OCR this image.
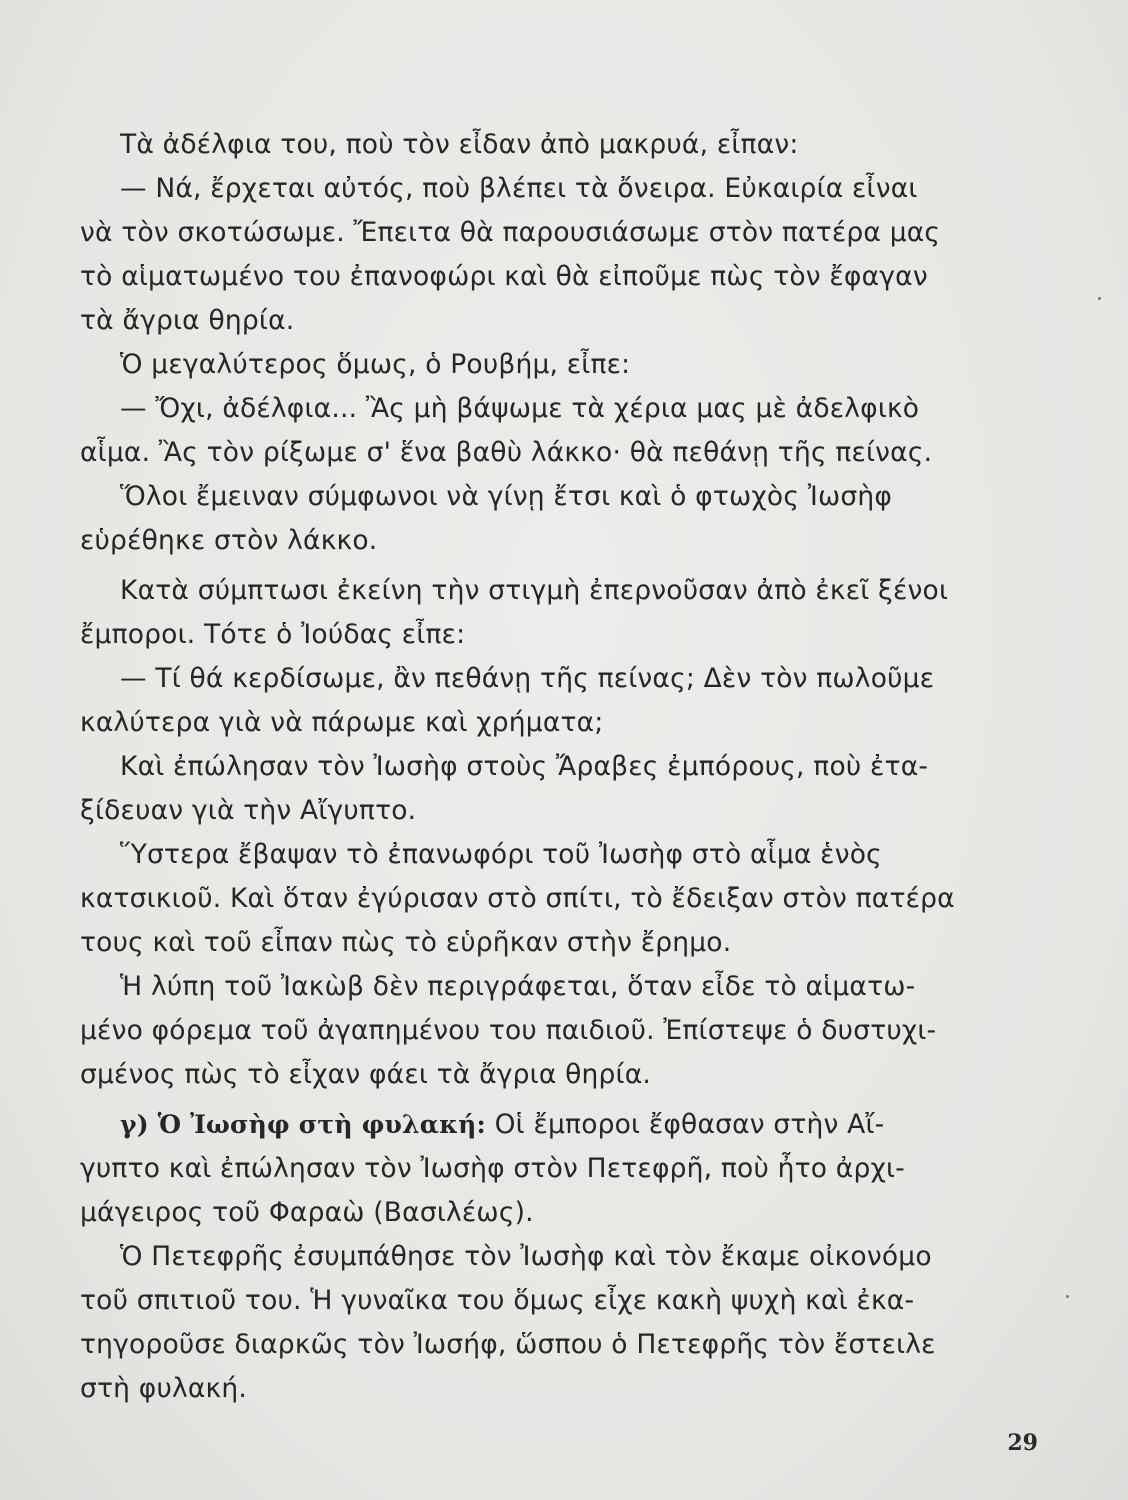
Τὰ ἀδέλφια του, ποὺ τὸν εἶδαν ἀπὸ μακρυά, εἶπαν:
— Νά, ἔρχεται αὐτός, ποὺ βλέπει τὰ ὄνειρα. Εὐκαιρία εἶναι
νὰ τὸν σκοτώσωμε. Ἔπειτα θὰ παρουσιάσωμε στὸν πατέρα μας
τὸ αἱματωμένο του ἐπανοφώρι καὶ θὰ εἰποῦμε πὼς τὸν ἔφαγαν
τὰ ἄγρια θηρία.
Ὁ μεγαλύτερος ὅμως, ὁ Ρουβήμ, εἶπε:
— Ὄχι, ἀδέλφια... Ἂς μὴ βάψωμε τὰ χέρια μας μὲ ἀδελφικὸ
αἷμα. Ἂς τὸν ρίξωμε σ' ἕνα βαθὺ λάκκο· θὰ πεθάνῃ τῆς πείνας.
Ὅλοι ἔμειναν σύμφωνοι νὰ γίνῃ ἔτσι καὶ ὁ φτωχὸς Ἰωσὴφ
εὑρέθηκε στὸν λάκκο.
Κατὰ σύμπτωσι ἐκείνη τὴν στιγμὴ ἐπερνοῦσαν ἀπὸ ἐκεῖ ξένοι
ἔμποροι. Τότε ὁ Ἰούδας εἶπε:
— Τί θά κερδίσωμε, ἂν πεθάνῃ τῆς πείνας; Δὲν τὸν πωλοῦμε
καλύτερα γιὰ νὰ πάρωμε καὶ χρήματα;
Καὶ ἐπώλησαν τὸν Ἰωσὴφ στοὺς Ἄραβες ἐμπόρους, ποὺ ἐτα-
ξίδευαν γιὰ τὴν Αἴγυπτο.
Ὕστερα ἔβαψαν τὸ ἐπανωφόρι τοῦ Ἰωσὴφ στὸ αἷμα ἑνὸς
κατσικιοῦ. Καὶ ὅταν ἐγύρισαν στὸ σπίτι, τὸ ἔδειξαν στὸν πατέρα
τους καὶ τοῦ εἶπαν πὼς τὸ εὑρῆκαν στὴν ἔρημο.
Ἡ λύπη τοῦ Ἰακὼβ δὲν περιγράφεται, ὅταν εἶδε τὸ αἱματω-
μένο φόρεμα τοῦ ἀγαπημένου του παιδιοῦ. Ἐπίστεψε ὁ δυστυχι-
σμένος πὼς τὸ εἶχαν φάει τὰ ἄγρια θηρία.
γ) Ὁ Ἰωσὴφ στὴ φυλακή: Οἱ ἔμποροι ἔφθασαν στὴν Αἴ-
γυπτο καὶ ἐπώλησαν τὸν Ἰωσὴφ στὸν Πετεφρῆ, ποὺ ἦτο ἀρχι-
μάγειρος τοῦ Φαραὼ (Βασιλέως).
Ὁ Πετεφρῆς ἐσυμπάθησε τὸν Ἰωσὴφ καὶ τὸν ἔκαμε οἰκονόμο
τοῦ σπιτιοῦ του. Ἡ γυναῖκα του ὅμως εἶχε κακὴ ψυχὴ καὶ ἐκα-
τηγοροῦσε διαρκῶς τὸν Ἰωσήφ, ὥσπου ὁ Πετεφρῆς τὸν ἔστειλε
στὴ φυλακή.
29
